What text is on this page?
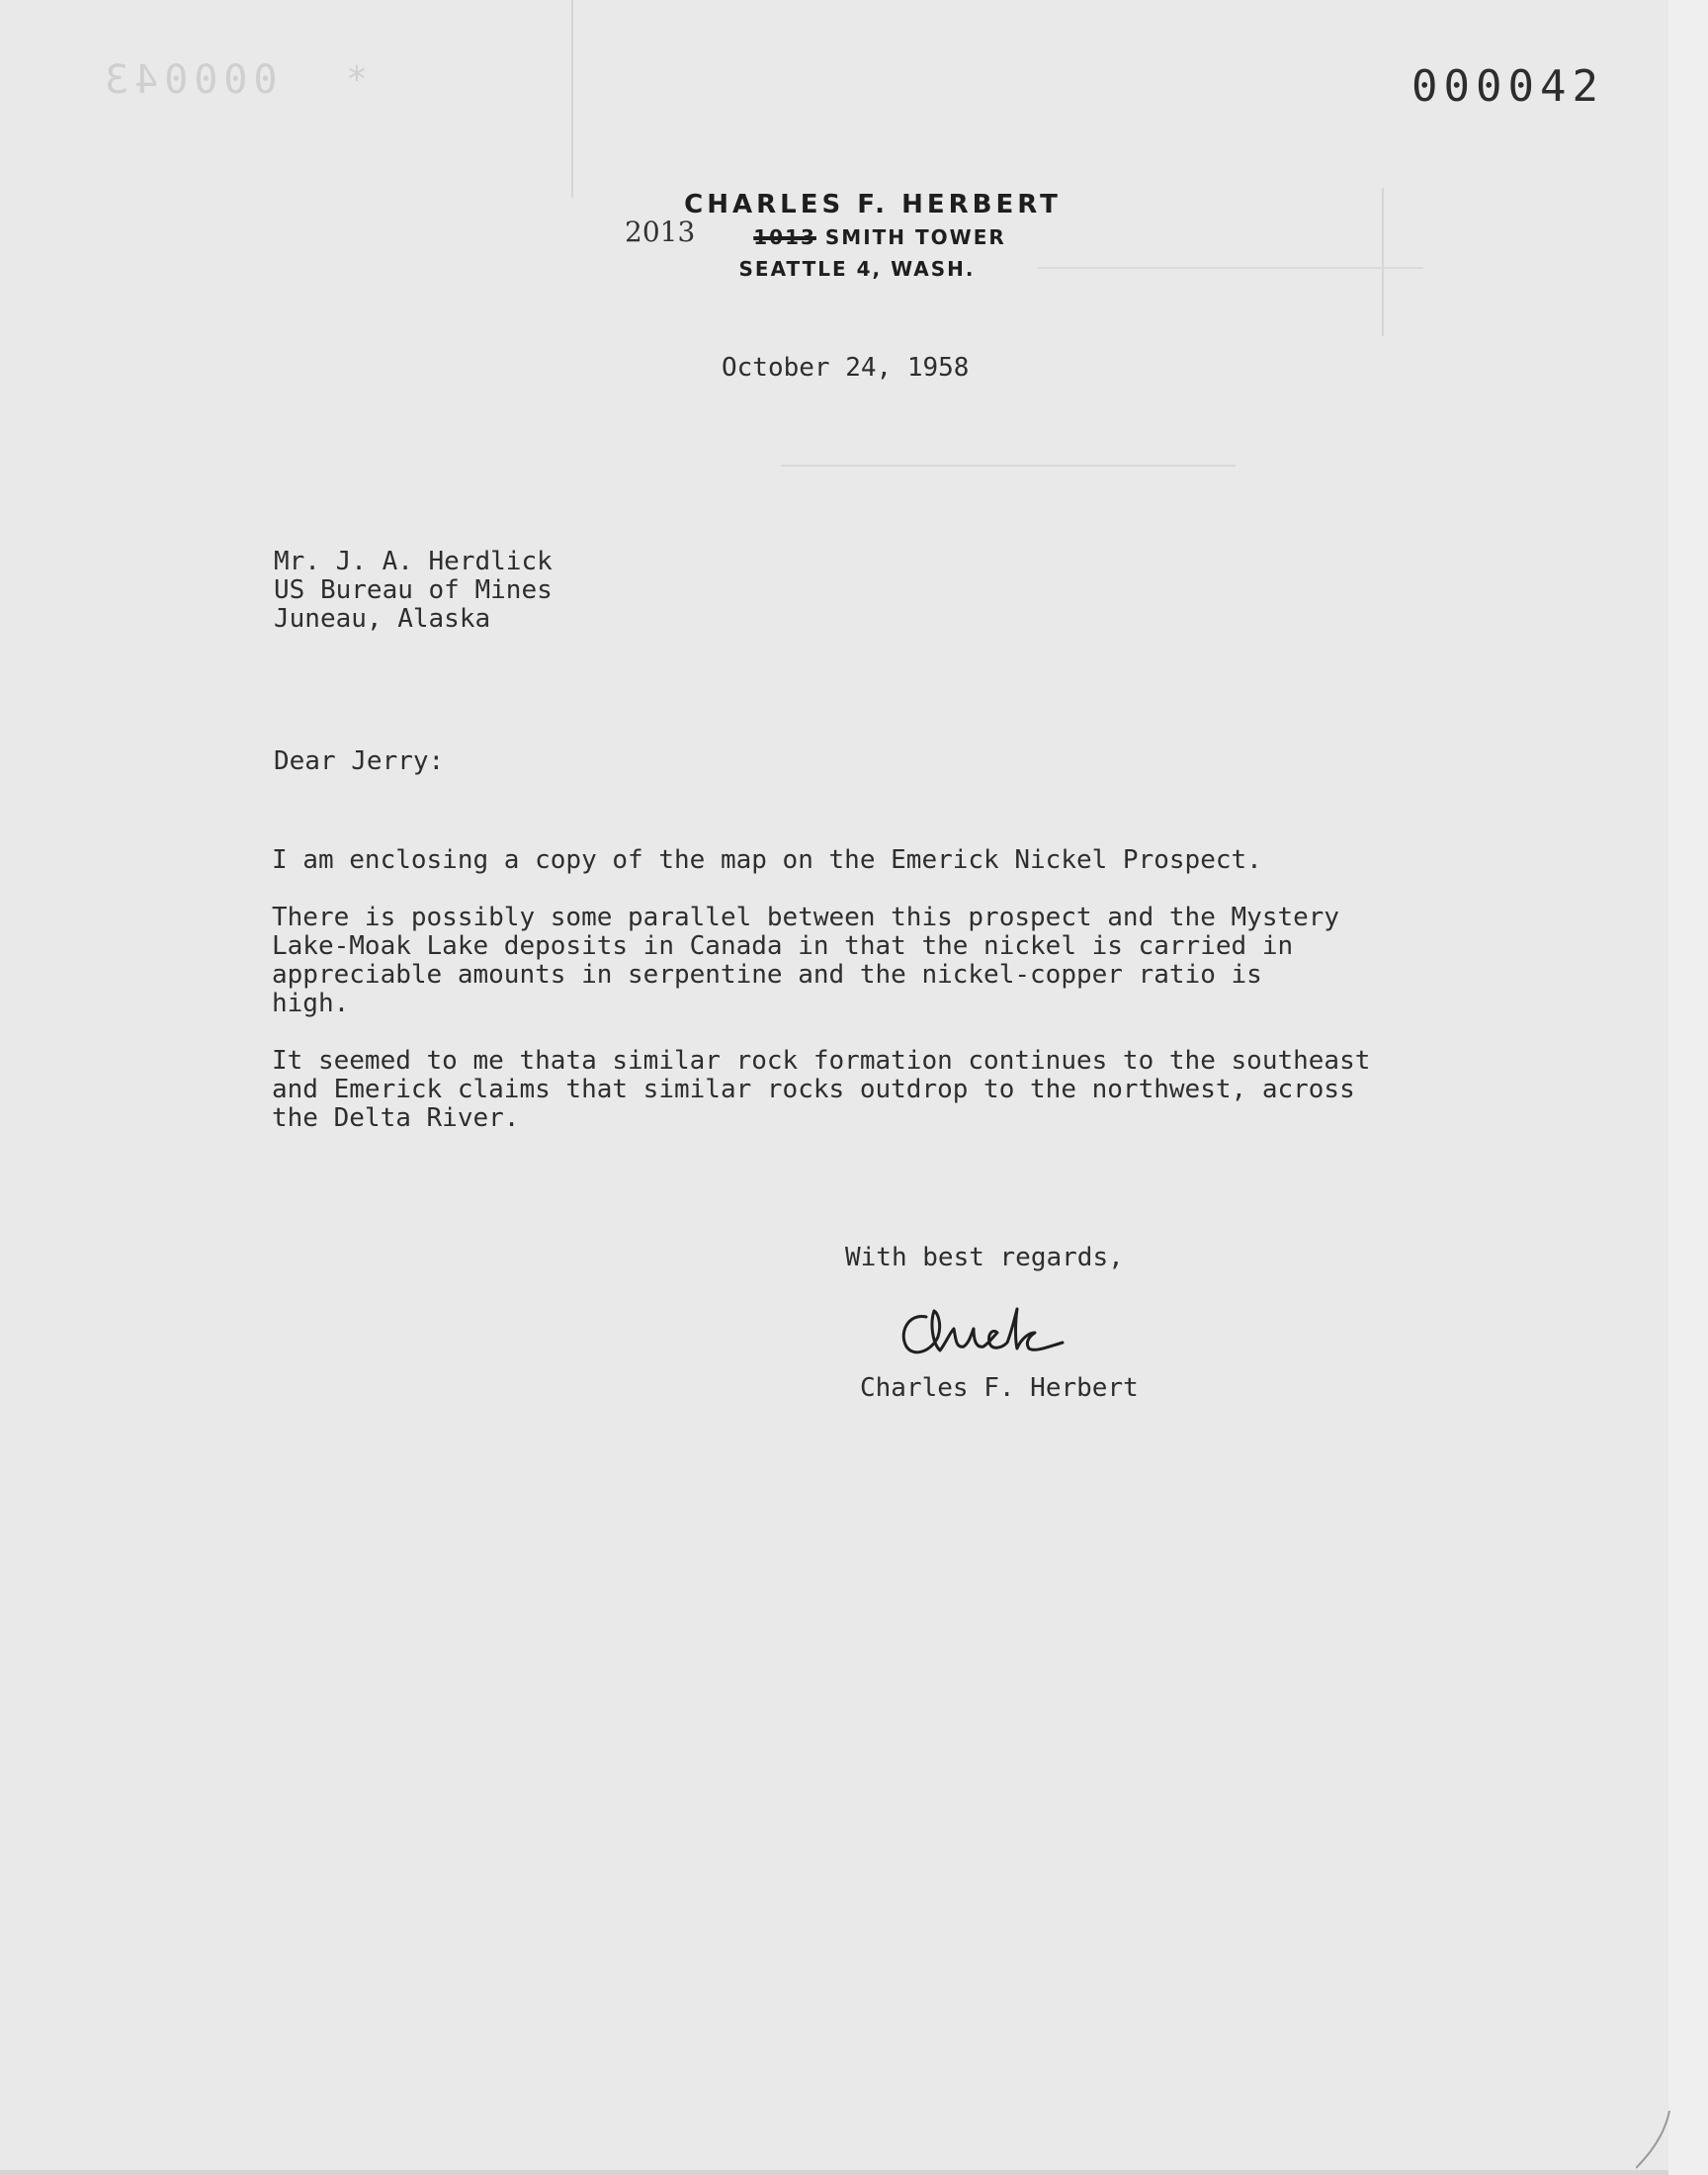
000043 *	000042
CHARLES F. HERBERT
2013	1013 SMITH TOWER
SEATTLE 4, WASH.
October 24, 1958
Mr. J. A. Herdlick
US Bureau of Mines
Juneau, Alaska
Dear Jerry:
I am enclosing a copy of the map on the Emerick Nickel Prospect.
There is possibly some parallel between this prospect and the Mystery
Lake-Moak Lake deposits in Canada in that the nickel is carried in
appreciable amounts in serpentine and the nickel-copper ratio is
high.
It seemed to me thata similar rock formation continues to the southeast
and Emerick claims that similar rocks outdrop to the northwest, across
the Delta River.
With best regards,
Charles F. Herbert
